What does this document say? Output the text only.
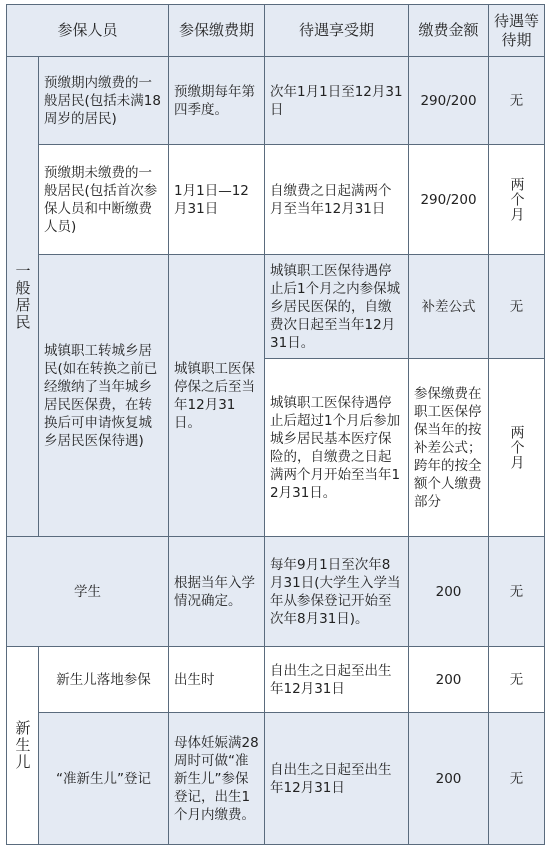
参保人员		参保缴费期	待遇享受期	缴费金额	待遇等待期

一般居民	预缴期内缴费的一般居民(包括未满18周岁的居民)	预缴期每年第四季度。	次年1月1日至12月31日	290/200	无
	预缴期未缴费的一般居民(包括首次参保人员和中断缴费人员)	1月1日—12月31日	自缴费之日起满两个月至当年12月31日	290/200	两个月

	城镇职工转城乡居民(如在转换之前已经缴纳了当年城乡居民医保费，在转换后可申请恢复城乡居民医保待遇)	城镇职工医保停保之后至当年12月31日。	城镇职工医保待遇停止后1个月之内参保城乡居民医保的，自缴费次日起至当年12月31日。	补差公式	无
			城镇职工医保待遇停止后超过1个月后参加城乡居民基本医疗保险的，自缴费之日起满两个月开始至当年12月31日。	参保缴费在职工医保停保当年的按补差公式；跨年的按全额个人缴费部分	两个月

学生		根据当年入学情况确定。	每年9月1日至次年8月31日(大学生入学当年从参保登记开始至次年8月31日)。	200	无

新生儿	新生儿落地参保	出生时	自出生之日起至出生年12月31日	200	无
	“准新生儿”登记	母体妊娠满28周时可做“准新生儿”参保登记，出生1个月内缴费。	自出生之日起至出生年12月31日	200	无
